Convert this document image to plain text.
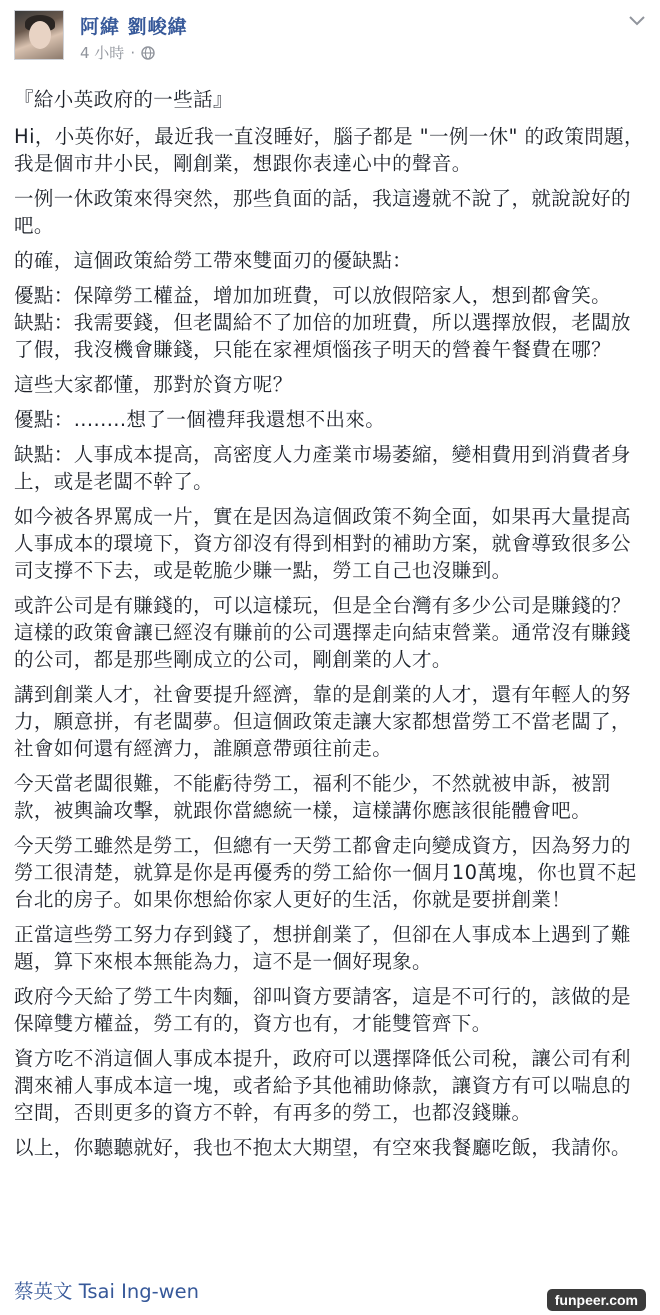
阿緯 劉峻緯
4 小時 ·

『給小英政府的一些話』

Hi，小英你好，最近我一直沒睡好，腦子都是 "一例一休" 的政策問題，我是個市井小民，剛創業，想跟你表達心中的聲音。

一例一休政策來得突然，那些負面的話，我這邊就不說了，就說說好的吧。

的確，這個政策給勞工帶來雙面刃的優缺點：

優點：保障勞工權益，增加加班費，可以放假陪家人，想到都會笑。

缺點：我需要錢，但老闆給不了加倍的加班費，所以選擇放假，老闆放了假，我沒機會賺錢，只能在家裡煩惱孩子明天的營養午餐費在哪？

這些大家都懂，那對於資方呢？

優點：........想了一個禮拜我還想不出來。

缺點：人事成本提高，高密度人力產業市場萎縮，變相費用到消費者身上，或是老闆不幹了。

如今被各界罵成一片，實在是因為這個政策不夠全面，如果再大量提高人事成本的環境下，資方卻沒有得到相對的補助方案，就會導致很多公司支撐不下去，或是乾脆少賺一點，勞工自己也沒賺到。

或許公司是有賺錢的，可以這樣玩，但是全台灣有多少公司是賺錢的？這樣的政策會讓已經沒有賺前的公司選擇走向結束營業。通常沒有賺錢的公司，都是那些剛成立的公司，剛創業的人才。

講到創業人才，社會要提升經濟，靠的是創業的人才，還有年輕人的努力，願意拼，有老闆夢。但這個政策走讓大家都想當勞工不當老闆了，社會如何還有經濟力，誰願意帶頭往前走。

今天當老闆很難，不能虧待勞工，福利不能少，不然就被申訴，被罰款，被輿論攻擊，就跟你當總統一樣，這樣講你應該很能體會吧。

今天勞工雖然是勞工，但總有一天勞工都會走向變成資方，因為努力的勞工很清楚，就算是你是再優秀的勞工給你一個月10萬塊，你也買不起台北的房子。如果你想給你家人更好的生活，你就是要拼創業！

正當這些勞工努力存到錢了，想拼創業了，但卻在人事成本上遇到了難題，算下來根本無能為力，這不是一個好現象。

政府今天給了勞工牛肉麵，卻叫資方要請客，這是不可行的，該做的是保障雙方權益，勞工有的，資方也有，才能雙管齊下。

資方吃不消這個人事成本提升，政府可以選擇降低公司稅，讓公司有利潤來補人事成本這一塊，或者給予其他補助條款，讓資方有可以喘息的空間，否則更多的資方不幹，有再多的勞工，也都沒錢賺。

以上，你聽聽就好，我也不抱太大期望，有空來我餐廳吃飯，我請你。

蔡英文 Tsai Ing-wen	funpeer.com
